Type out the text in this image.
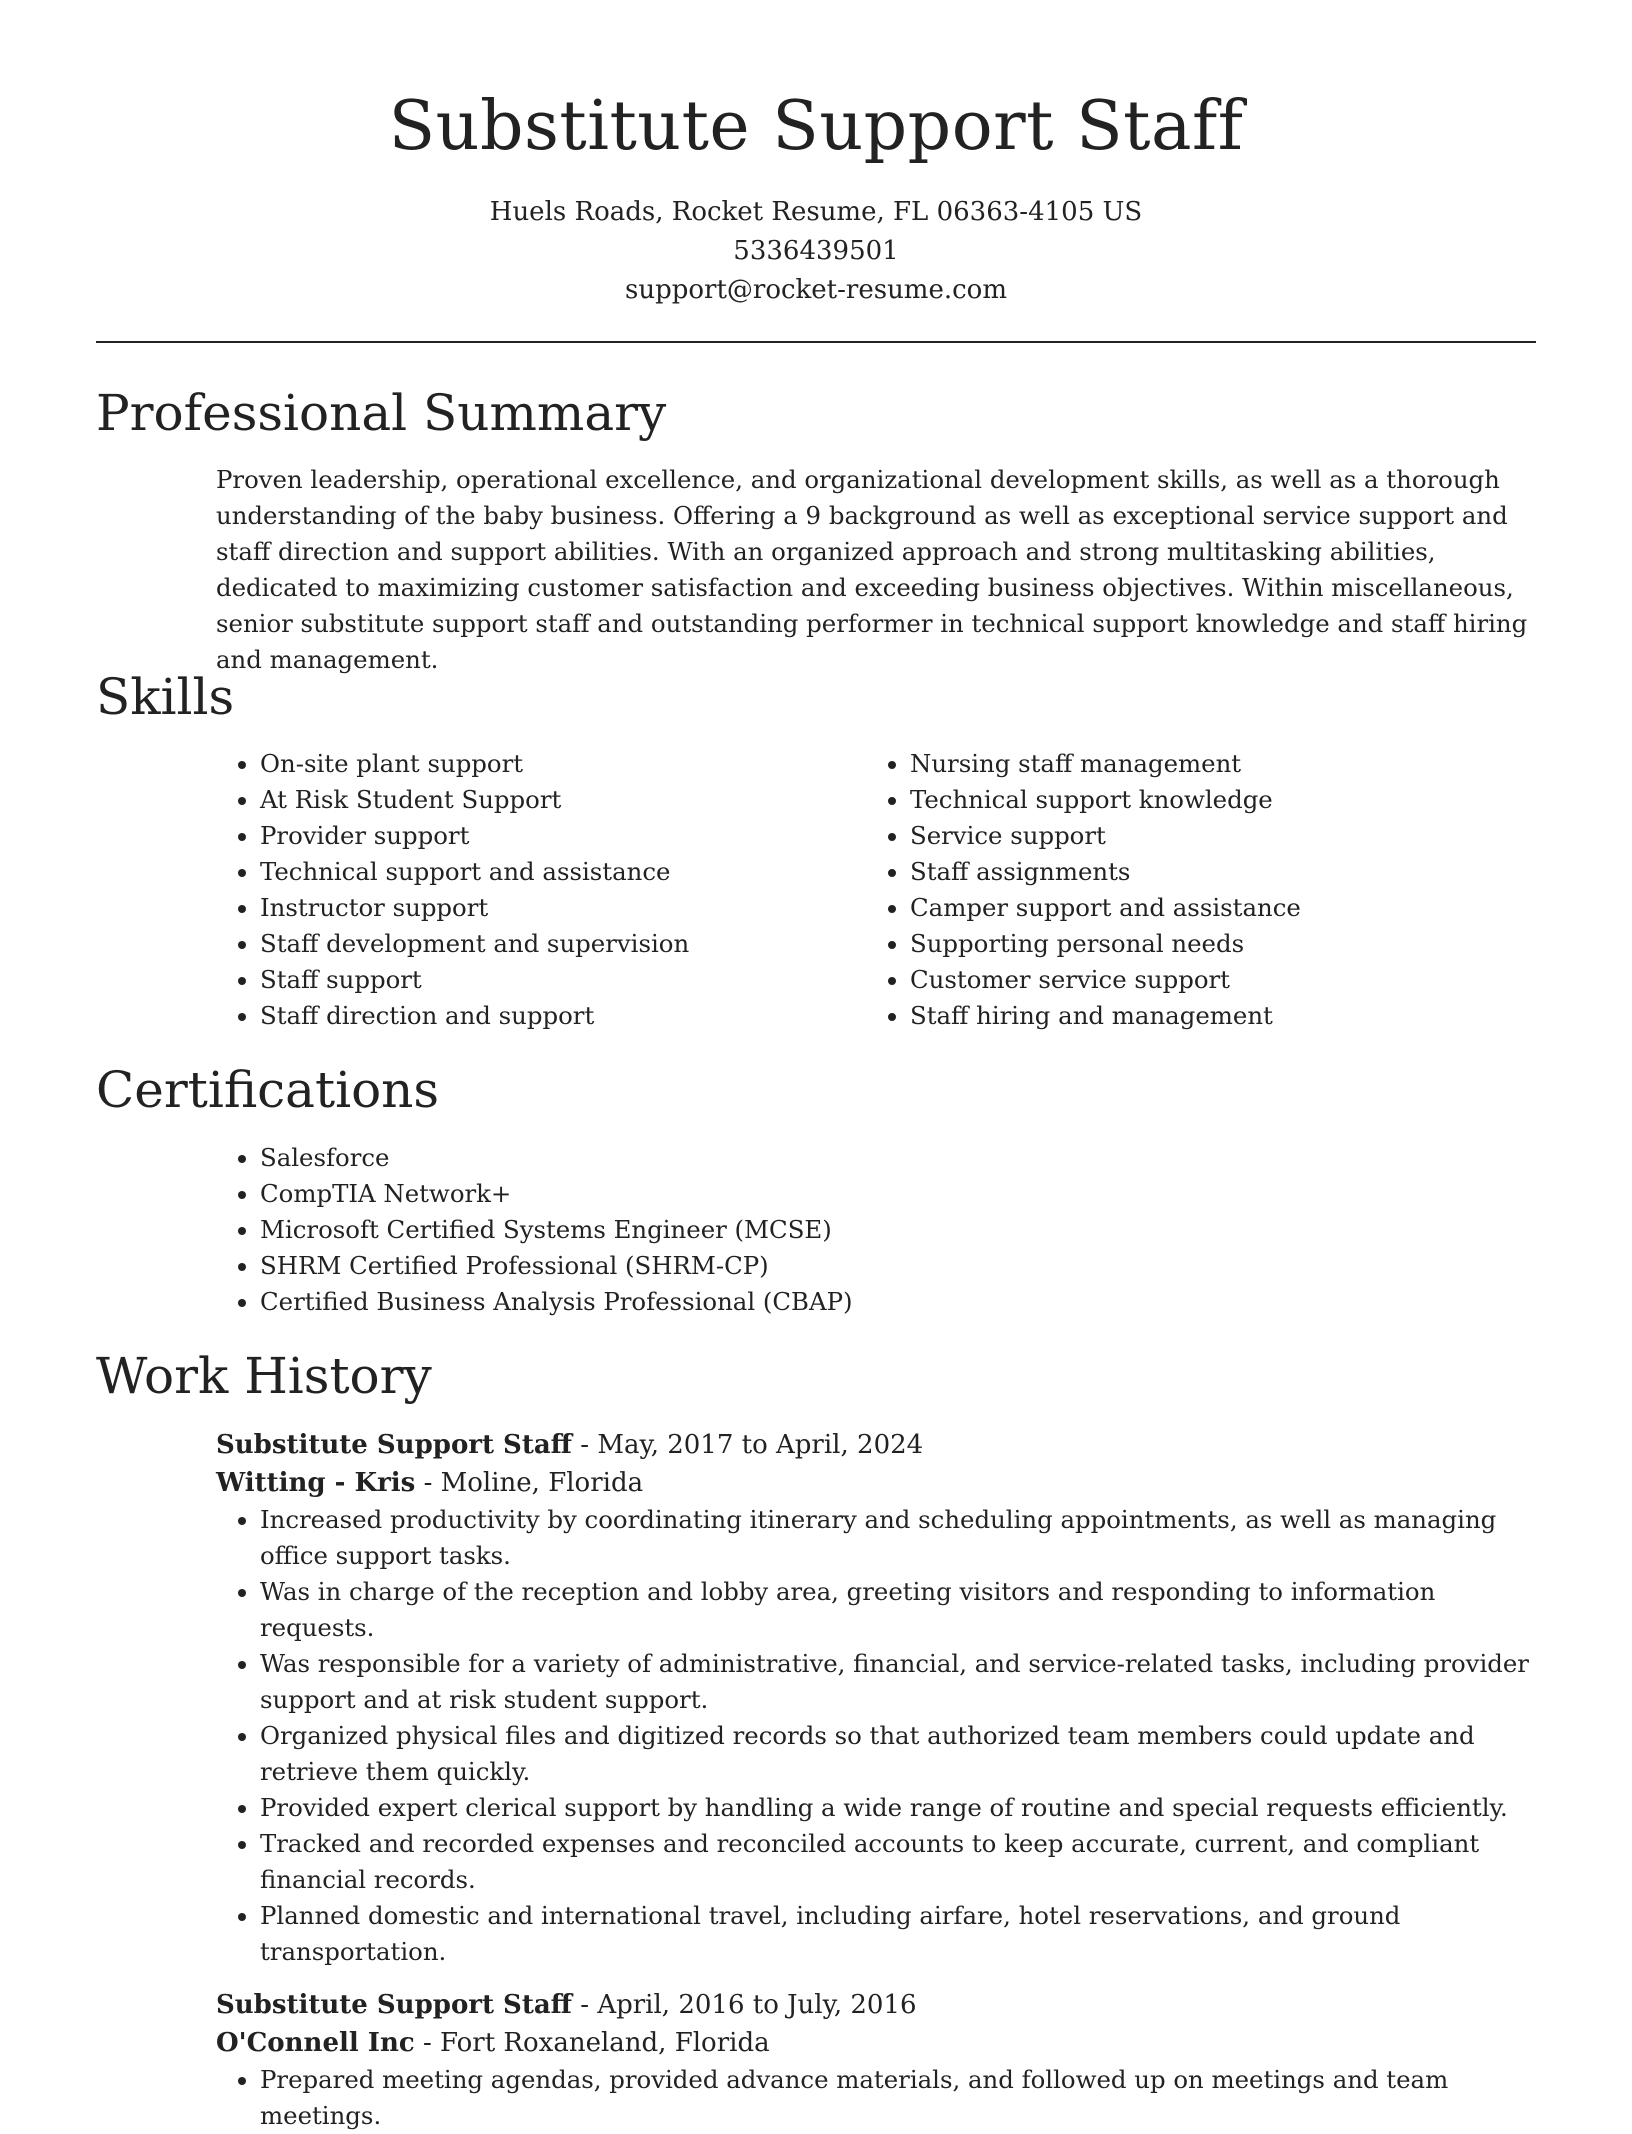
Substitute Support Staff
Huels Roads, Rocket Resume, FL 06363-4105 US
5336439501
support@rocket-resume.com
Professional Summary

Proven leadership, operational excellence, and organizational development skills, as well as a thorough understanding of the baby business. Offering a 9 background as well as exceptional service support and staff direction and support abilities. With an organized approach and strong multitasking abilities, dedicated to maximizing customer satisfaction and exceeding business objectives. Within miscellaneous, senior substitute support staff and outstanding performer in technical support knowledge and staff hiring and management.

Skills
• On-site plant support
• At Risk Student Support
• Provider support
• Technical support and assistance
• Instructor support
• Staff development and supervision
• Staff support
• Staff direction and support
• Nursing staff management
• Technical support knowledge
• Service support
• Staff assignments
• Camper support and assistance
• Supporting personal needs
• Customer service support
• Staff hiring and management
Certifications
• Salesforce
• CompTIA Network+
• Microsoft Certified Systems Engineer (MCSE)
• SHRM Certified Professional (SHRM-CP)
• Certified Business Analysis Professional (CBAP)
Work History
Substitute Support Staff - May, 2017 to April, 2024
Witting - Kris - Moline, Florida
• Increased productivity by coordinating itinerary and scheduling appointments, as well as managing office support tasks.
• Was in charge of the reception and lobby area, greeting visitors and responding to information requests.
• Was responsible for a variety of administrative, financial, and service-related tasks, including provider support and at risk student support.
• Organized physical files and digitized records so that authorized team members could update and retrieve them quickly.
• Provided expert clerical support by handling a wide range of routine and special requests efficiently.
• Tracked and recorded expenses and reconciled accounts to keep accurate, current, and compliant financial records.
• Planned domestic and international travel, including airfare, hotel reservations, and ground transportation.
Substitute Support Staff - April, 2016 to July, 2016
O'Connell Inc - Fort Roxaneland, Florida
• Prepared meeting agendas, provided advance materials, and followed up on meetings and team meetings.
